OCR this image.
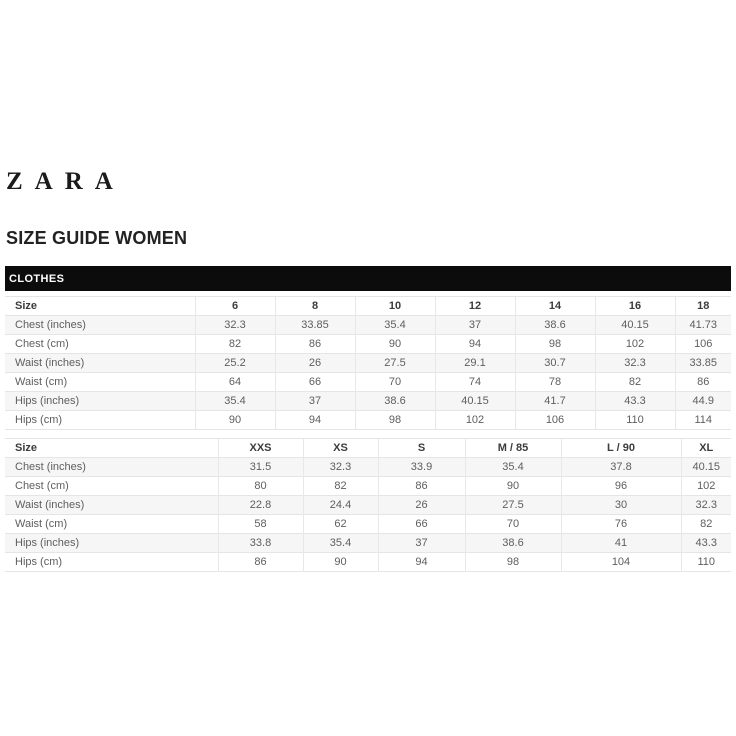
ZARA
SIZE GUIDE WOMEN
CLOTHES
Size	6	8	10	12	14	16	18
Chest (inches)	32.3	33.85	35.4	37	38.6	40.15	41.73
Chest (cm)	82	86	90	94	98	102	106
Waist (inches)	25.2	26	27.5	29.1	30.7	32.3	33.85
Waist (cm)	64	66	70	74	78	82	86
Hips (inches)	35.4	37	38.6	40.15	41.7	43.3	44.9
Hips (cm)	90	94	98	102	106	110	114
Size	XXS	XS	S	M / 85	L / 90	XL
Chest (inches)	31.5	32.3	33.9	35.4	37.8	40.15
Chest (cm)	80	82	86	90	96	102
Waist (inches)	22.8	24.4	26	27.5	30	32.3
Waist (cm)	58	62	66	70	76	82
Hips (inches)	33.8	35.4	37	38.6	41	43.3
Hips (cm)	86	90	94	98	104	110
